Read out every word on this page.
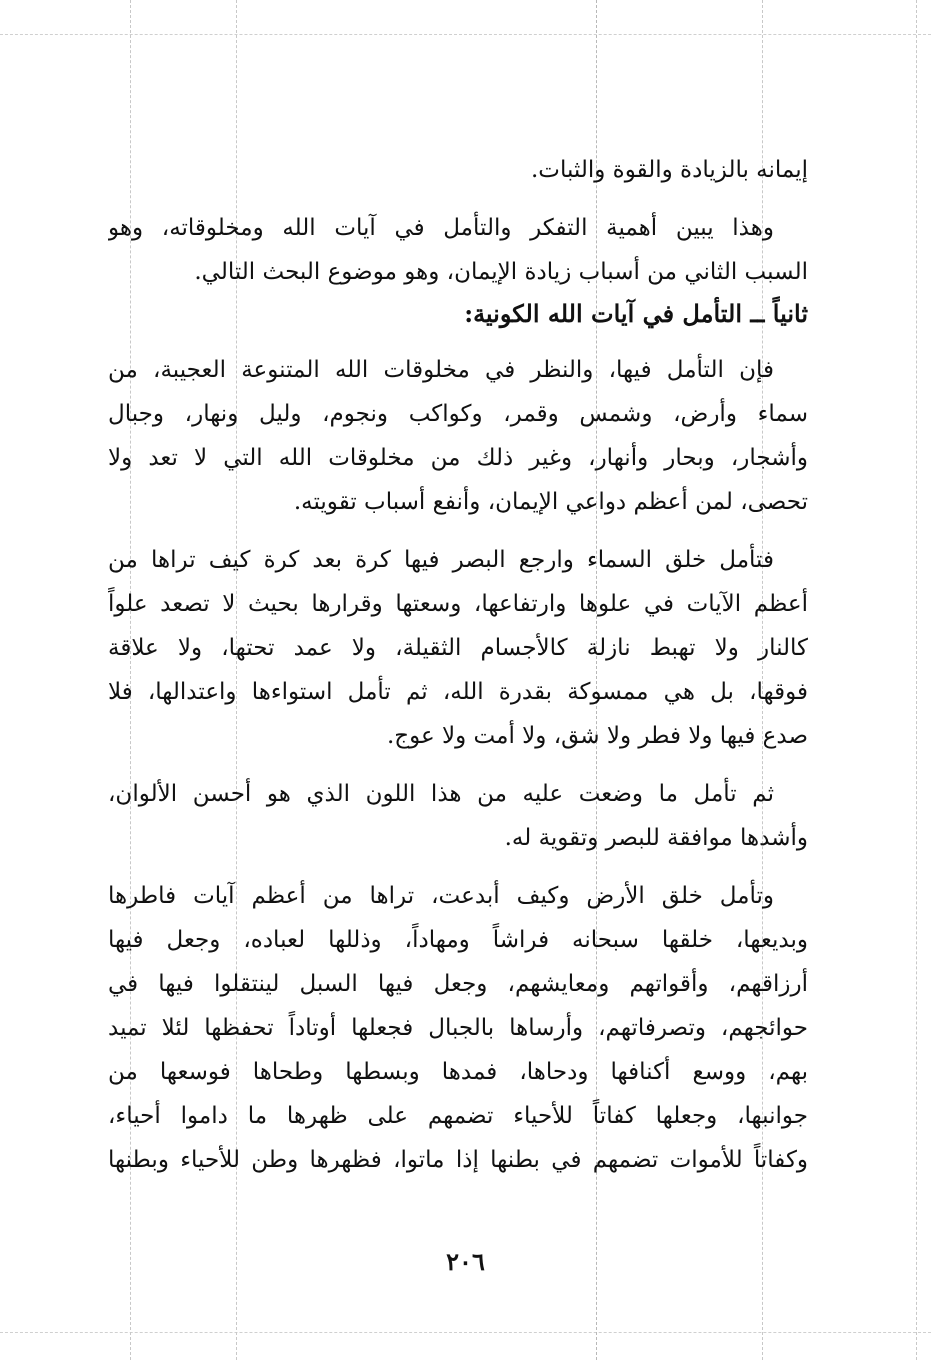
إيمانه بالزيادة والقوة والثبات.
وهذا يبين أهمية التفكر والتأمل في آيات الله ومخلوقاته، وهو
السبب الثاني من أسباب زيادة الإيمان، وهو موضوع البحث التالي.
ثانياً ــ التأمل في آيات الله الكونية:
فإن التأمل فيها، والنظر في مخلوقات الله المتنوعة العجيبة، من
سماء وأرض، وشمس وقمر، وكواكب ونجوم، وليل ونهار، وجبال
وأشجار، وبحار وأنهار، وغير ذلك من مخلوقات الله التي لا تعد ولا
تحصى، لمن أعظم دواعي الإيمان، وأنفع أسباب تقويته.
فتأمل خلق السماء وارجع البصر فيها كرة بعد كرة كيف تراها من
أعظم الآيات في علوها وارتفاعها، وسعتها وقرارها بحيث لا تصعد علواً
كالنار ولا تهبط نازلة كالأجسام الثقيلة، ولا عمد تحتها، ولا علاقة
فوقها، بل هي ممسوكة بقدرة الله، ثم تأمل استواءها واعتدالها، فلا
صدع فيها ولا فطر ولا شق، ولا أمت ولا عوج.
ثم تأمل ما وضعت عليه من هذا اللون الذي هو أحسن الألوان،
وأشدها موافقة للبصر وتقوية له.
وتأمل خلق الأرض وكيف أبدعت، تراها من أعظم آيات فاطرها
وبديعها، خلقها سبحانه فراشاً ومهاداً، وذللها لعباده، وجعل فيها
أرزاقهم، وأقواتهم ومعايشهم، وجعل فيها السبل لينتقلوا فيها في
حوائجهم، وتصرفاتهم، وأرساها بالجبال فجعلها أوتاداً تحفظها لئلا تميد
بهم، ووسع أكنافها ودحاها، فمدها وبسطها وطحاها فوسعها من
جوانبها، وجعلها كفاتاً للأحياء تضمهم على ظهرها ما داموا أحياء،
وكفاتاً للأموات تضمهم في بطنها إذا ماتوا، فظهرها وطن للأحياء وبطنها
٢٠٦
